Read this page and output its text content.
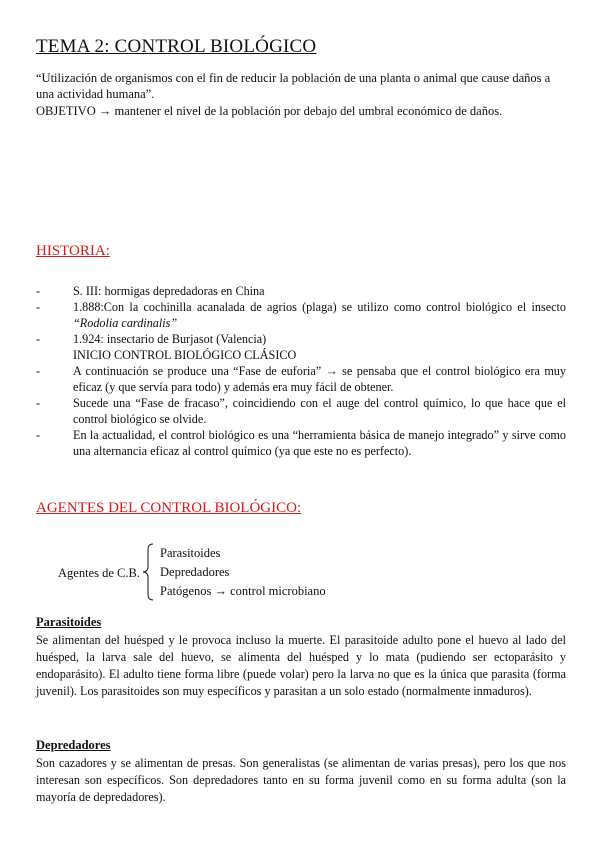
TEMA 2: CONTROL BIOLÓGICO
“Utilización de organismos con el fin de reducir la población de una planta o animal que cause daños a una actividad humana”.
OBJETIVO → mantener el nivel de la población por debajo del umbral económico de daños.
HISTORIA:
-	S. III: hormigas depredadoras en China
-	1.888:Con la cochinilla acanalada de agrios (plaga) se utilizo como control biológico el insecto “Rodolia cardinalis”
-	1.924: insectario de Burjasot (Valencia)
INICIO CONTROL BIOLÓGICO CLÁSICO
-	A continuación se produce una “Fase de euforia” → se pensaba que el control biológico era muy eficaz (y que servía para todo) y además era muy fácil de obtener.
-	Sucede una “Fase de fracaso”, coincidiendo con el auge del control químico, lo que hace que el control biológico se olvide.
-	En la actualidad, el control biológico es una “herramienta básica de manejo integrado” y sirve como una alternancia eficaz al control químico (ya que este no es perfecto).
AGENTES DEL CONTROL BIOLÓGICO:
Agentes de C.B.
Parasitoides
Depredadores
Patógenos → control microbiano
Parasitoides
Se alimentan del huésped y le provoca incluso la muerte. El parasitoide adulto pone el huevo al lado del huésped, la larva sale del huevo, se alimenta del huésped y lo mata (pudiendo ser ectoparásito y endoparásito). El adulto tiene forma libre (puede volar) pero la larva no que es la única que parasita (forma juvenil). Los parasitoides son muy específicos y parasitan a un solo estado (normalmente inmaduros).
Depredadores
Son cazadores y se alimentan de presas. Son generalistas (se alimentan de varias presas), pero los que nos interesan son específicos. Son depredadores tanto en su forma juvenil como en su forma adulta (son la mayoría de depredadores).
